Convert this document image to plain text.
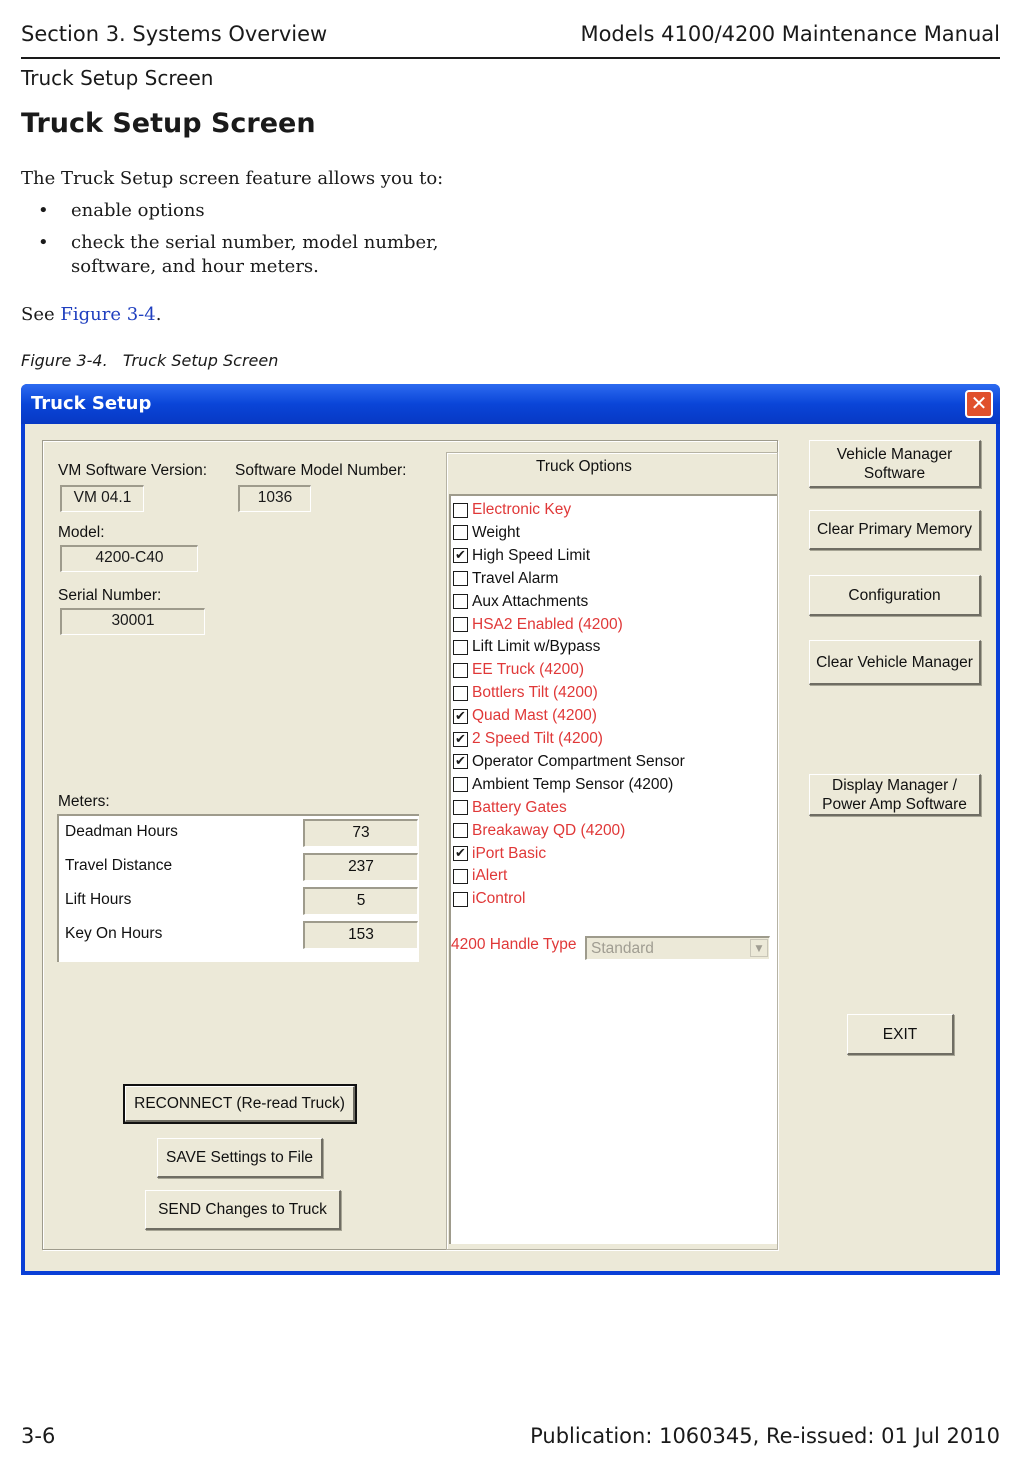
Section 3. Systems Overview	Models 4100/4200 Maintenance Manual
Truck Setup Screen
Truck Setup Screen
The Truck Setup screen feature allows you to:
• enable options
• check the serial number, model number,
software, and hour meters.
See Figure 3-4.
Figure 3-4.   Truck Setup Screen
Truck Setup	✕
VM Software Version:
VM 04.1
Software Model Number:
1036
Model:
4200-C40
Serial Number:
30001
Meters:
Deadman Hours	73
Travel Distance	237
Lift Hours	5
Key On Hours	153
RECONNECT (Re-read Truck)
SAVE Settings to File
SEND Changes to Truck
Truck Options
Electronic Key
Weight
✔ High Speed Limit
Travel Alarm
Aux Attachments
HSA2 Enabled (4200)
Lift Limit w/Bypass
EE Truck (4200)
Bottlers Tilt (4200)
✔ Quad Mast (4200)
✔ 2 Speed Tilt (4200)
✔ Operator Compartment Sensor
Ambient Temp Sensor (4200)
Battery Gates
Breakaway QD (4200)
✔ iPort Basic
iAlert
iControl
4200 Handle Type Standard	▼
Vehicle Manager
Software
Clear Primary Memory
Configuration
Clear Vehicle Manager
Display Manager /
Power Amp Software
EXIT
3-6	Publication: 1060345, Re-issued: 01 Jul 2010
